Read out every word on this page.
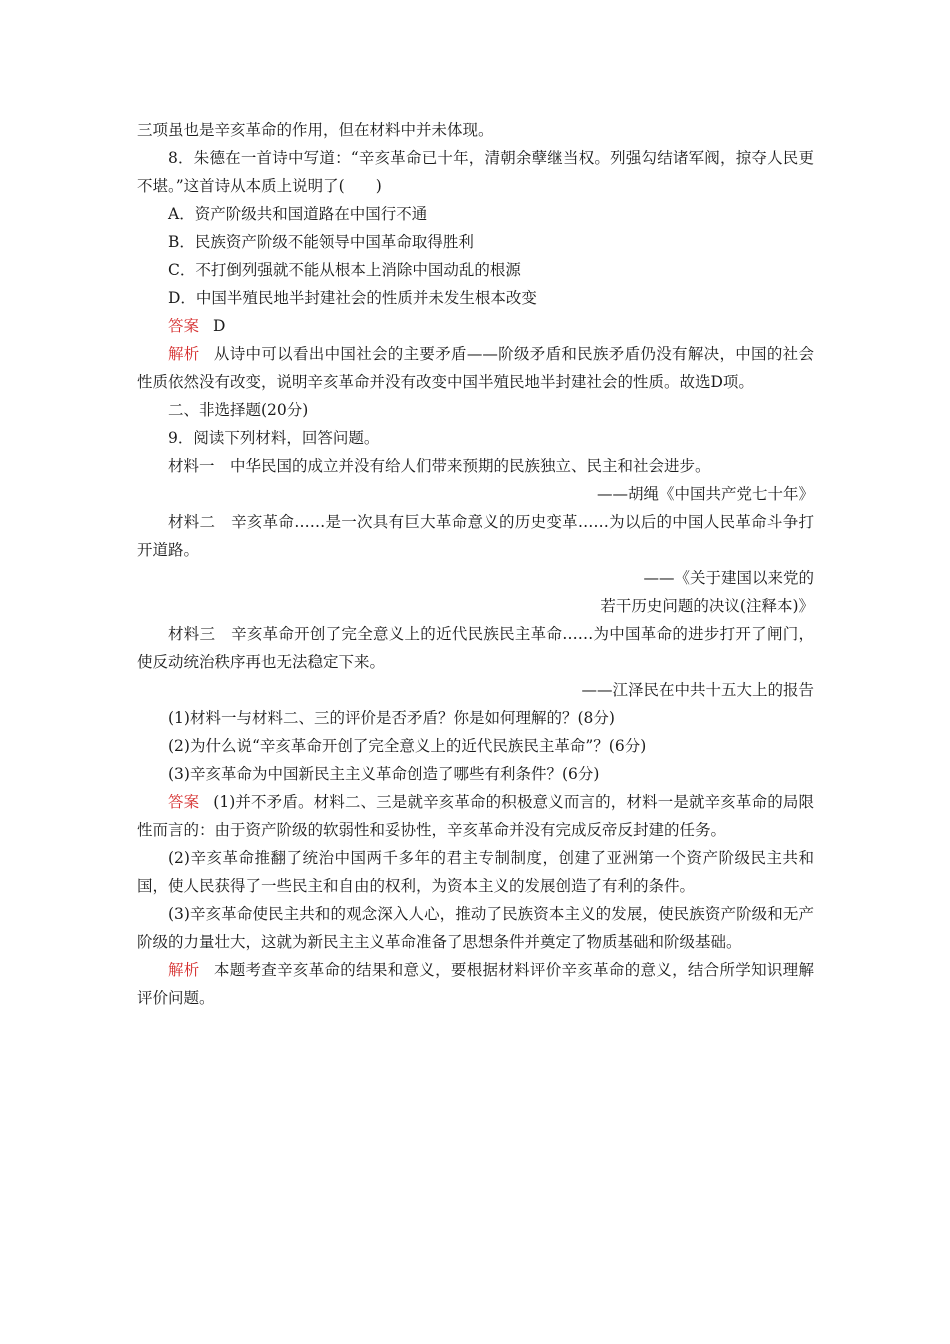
三项虽也是辛亥革命的作用，但在材料中并未体现。

8．朱德在一首诗中写道：“辛亥革命已十年，清朝余孽继当权。列强勾结诸军阀，掠夺人民更不堪。”这首诗从本质上说明了(　　)

A．资产阶级共和国道路在中国行不通

B．民族资产阶级不能领导中国革命取得胜利

C．不打倒列强就不能从根本上消除中国动乱的根源

D．中国半殖民地半封建社会的性质并未发生根本改变

答案 D

解析 从诗中可以看出中国社会的主要矛盾——阶级矛盾和民族矛盾仍没有解决，中国的社会性质依然没有改变，说明辛亥革命并没有改变中国半殖民地半封建社会的性质。故选D项。

二、非选择题(20分)

9．阅读下列材料，回答问题。

材料一　中华民国的成立并没有给人们带来预期的民族独立、民主和社会进步。

——胡绳《中国共产党七十年》

材料二　辛亥革命……是一次具有巨大革命意义的历史变革……为以后的中国人民革命斗争打开道路。

——《关于建国以来党的

若干历史问题的决议(注释本)》

材料三　辛亥革命开创了完全意义上的近代民族民主革命……为中国革命的进步打开了闸门，使反动统治秩序再也无法稳定下来。

——江泽民在中共十五大上的报告

(1)材料一与材料二、三的评价是否矛盾？你是如何理解的？(8分)

(2)为什么说“辛亥革命开创了完全意义上的近代民族民主革命”？(6分)

(3)辛亥革命为中国新民主主义革命创造了哪些有利条件？(6分)

答案 (1)并不矛盾。材料二、三是就辛亥革命的积极意义而言的，材料一是就辛亥革命的局限性而言的：由于资产阶级的软弱性和妥协性，辛亥革命并没有完成反帝反封建的任务。

(2)辛亥革命推翻了统治中国两千多年的君主专制制度，创建了亚洲第一个资产阶级民主共和国，使人民获得了一些民主和自由的权利，为资本主义的发展创造了有利的条件。

(3)辛亥革命使民主共和的观念深入人心，推动了民族资本主义的发展，使民族资产阶级和无产阶级的力量壮大，这就为新民主主义革命准备了思想条件并奠定了物质基础和阶级基础。

解析 本题考查辛亥革命的结果和意义，要根据材料评价辛亥革命的意义，结合所学知识理解评价问题。
